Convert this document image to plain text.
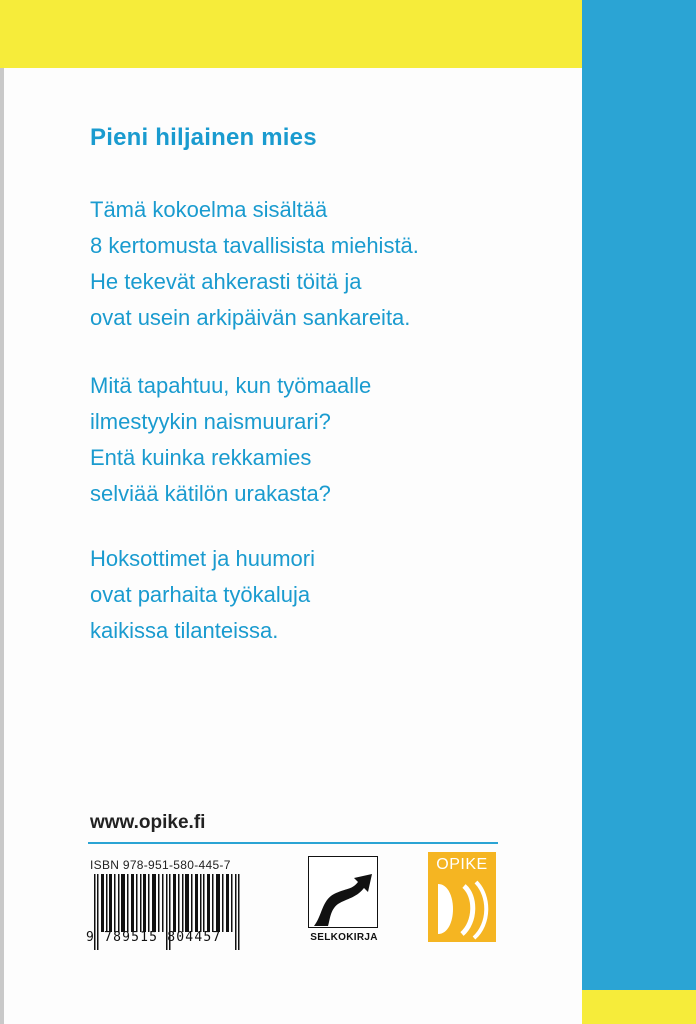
Pieni hiljainen mies
Tämä kokoelma sisältää
8 kertomusta tavallisista miehistä.
He tekevät ahkerasti töitä ja
ovat usein arkipäivän sankareita.
Mitä tapahtuu, kun työmaalle
ilmestyykin naismuurari?
Entä kuinka rekkamies
selviää kätilön urakasta?
Hoksottimet ja huumori
ovat parhaita työkaluja
kaikissa tilanteissa.
www.opike.fi
ISBN 978-951-580-445-7
9 789515 804457	SELKOKIRJA
OPIKE
